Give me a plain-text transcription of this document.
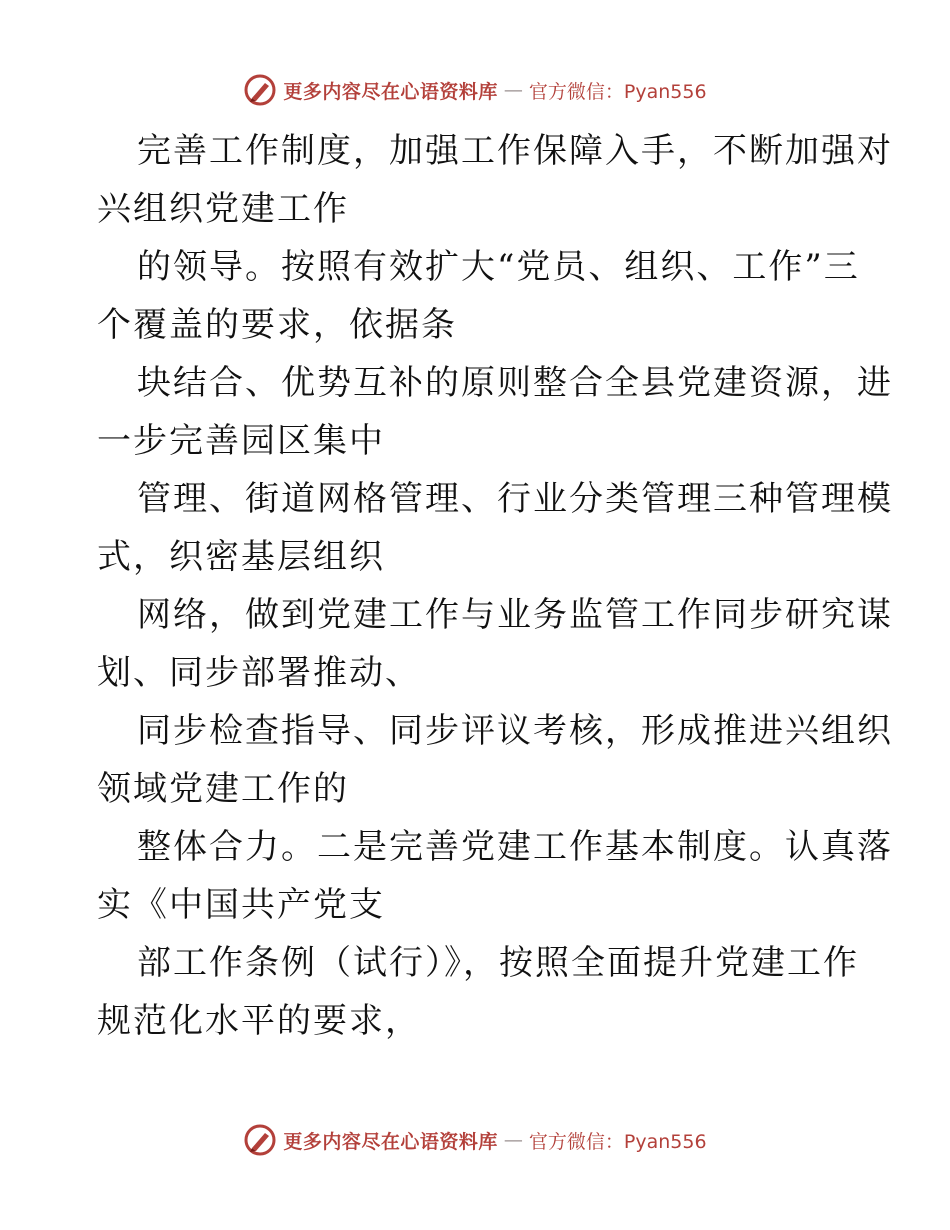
更多内容尽在心语资料库 — 官方微信：Pyan556
完善工作制度，加强工作保障入手，不断加强对
兴组织党建工作
的领导。按照有效扩大“党员、组织、工作”三
个覆盖的要求，依据条
块结合、优势互补的原则整合全县党建资源，进
一步完善园区集中
管理、街道网格管理、行业分类管理三种管理模
式，织密基层组织
网络，做到党建工作与业务监管工作同步研究谋
划、同步部署推动、
同步检查指导、同步评议考核，形成推进兴组织
领域党建工作的
整体合力。二是完善党建工作基本制度。认真落
实《中国共产党支
部工作条例（试行）》，按照全面提升党建工作
规范化水平的要求，
更多内容尽在心语资料库 — 官方微信：Pyan556
